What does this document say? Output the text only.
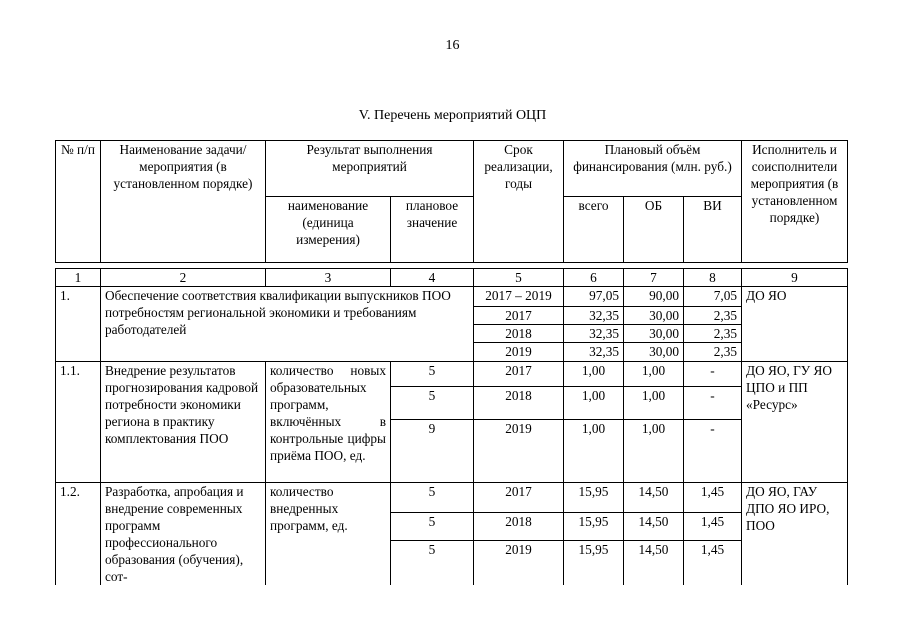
16
V. Перечень мероприятий ОЦП
№ п/п	Наименование задачи/мероприятия (в установленном порядке)	Результат выполнения мероприятий		Срок реализации, годы	Плановый объём финансирования (млн. руб.)			Исполнитель и соисполнители мероприятия (в установленном порядке)
		наименование (единица измерения)	плановое значение		всего	ОБ	ВИ	
1	2	3	4	5	6	7	8	9
1.	Обеспечение соответствия квалификации выпускников ПОО потребностям региональной экономики и требованиям работодателей			2017 – 2019	97,05	90,00	7,05	ДО ЯО
				2017	32,35	30,00	2,35	
				2018	32,35	30,00	2,35	
				2019	32,35	30,00	2,35	
1.1.	Внедрение результатов прогнозирования кадровой потребности экономики региона в практику комплектования ПОО	количество новых образовательных программ, включённых в контрольные цифры приёма ПОО, ед.	5	2017	1,00	1,00	-	ДО ЯО, ГУ ЯО ЦПО и ПП «Ресурс»
			5	2018	1,00	1,00	-	
			9	2019	1,00	1,00	-	
1.2.	Разработка, апробация и внедрение современных программ профессионального образования (обучения), сот-	количество внедренных программ, ед.	5	2017	15,95	14,50	1,45	ДО ЯО, ГАУ ДПО ЯО ИРО, ПОО
			5	2018	15,95	14,50	1,45	
			5	2019	15,95	14,50	1,45	
